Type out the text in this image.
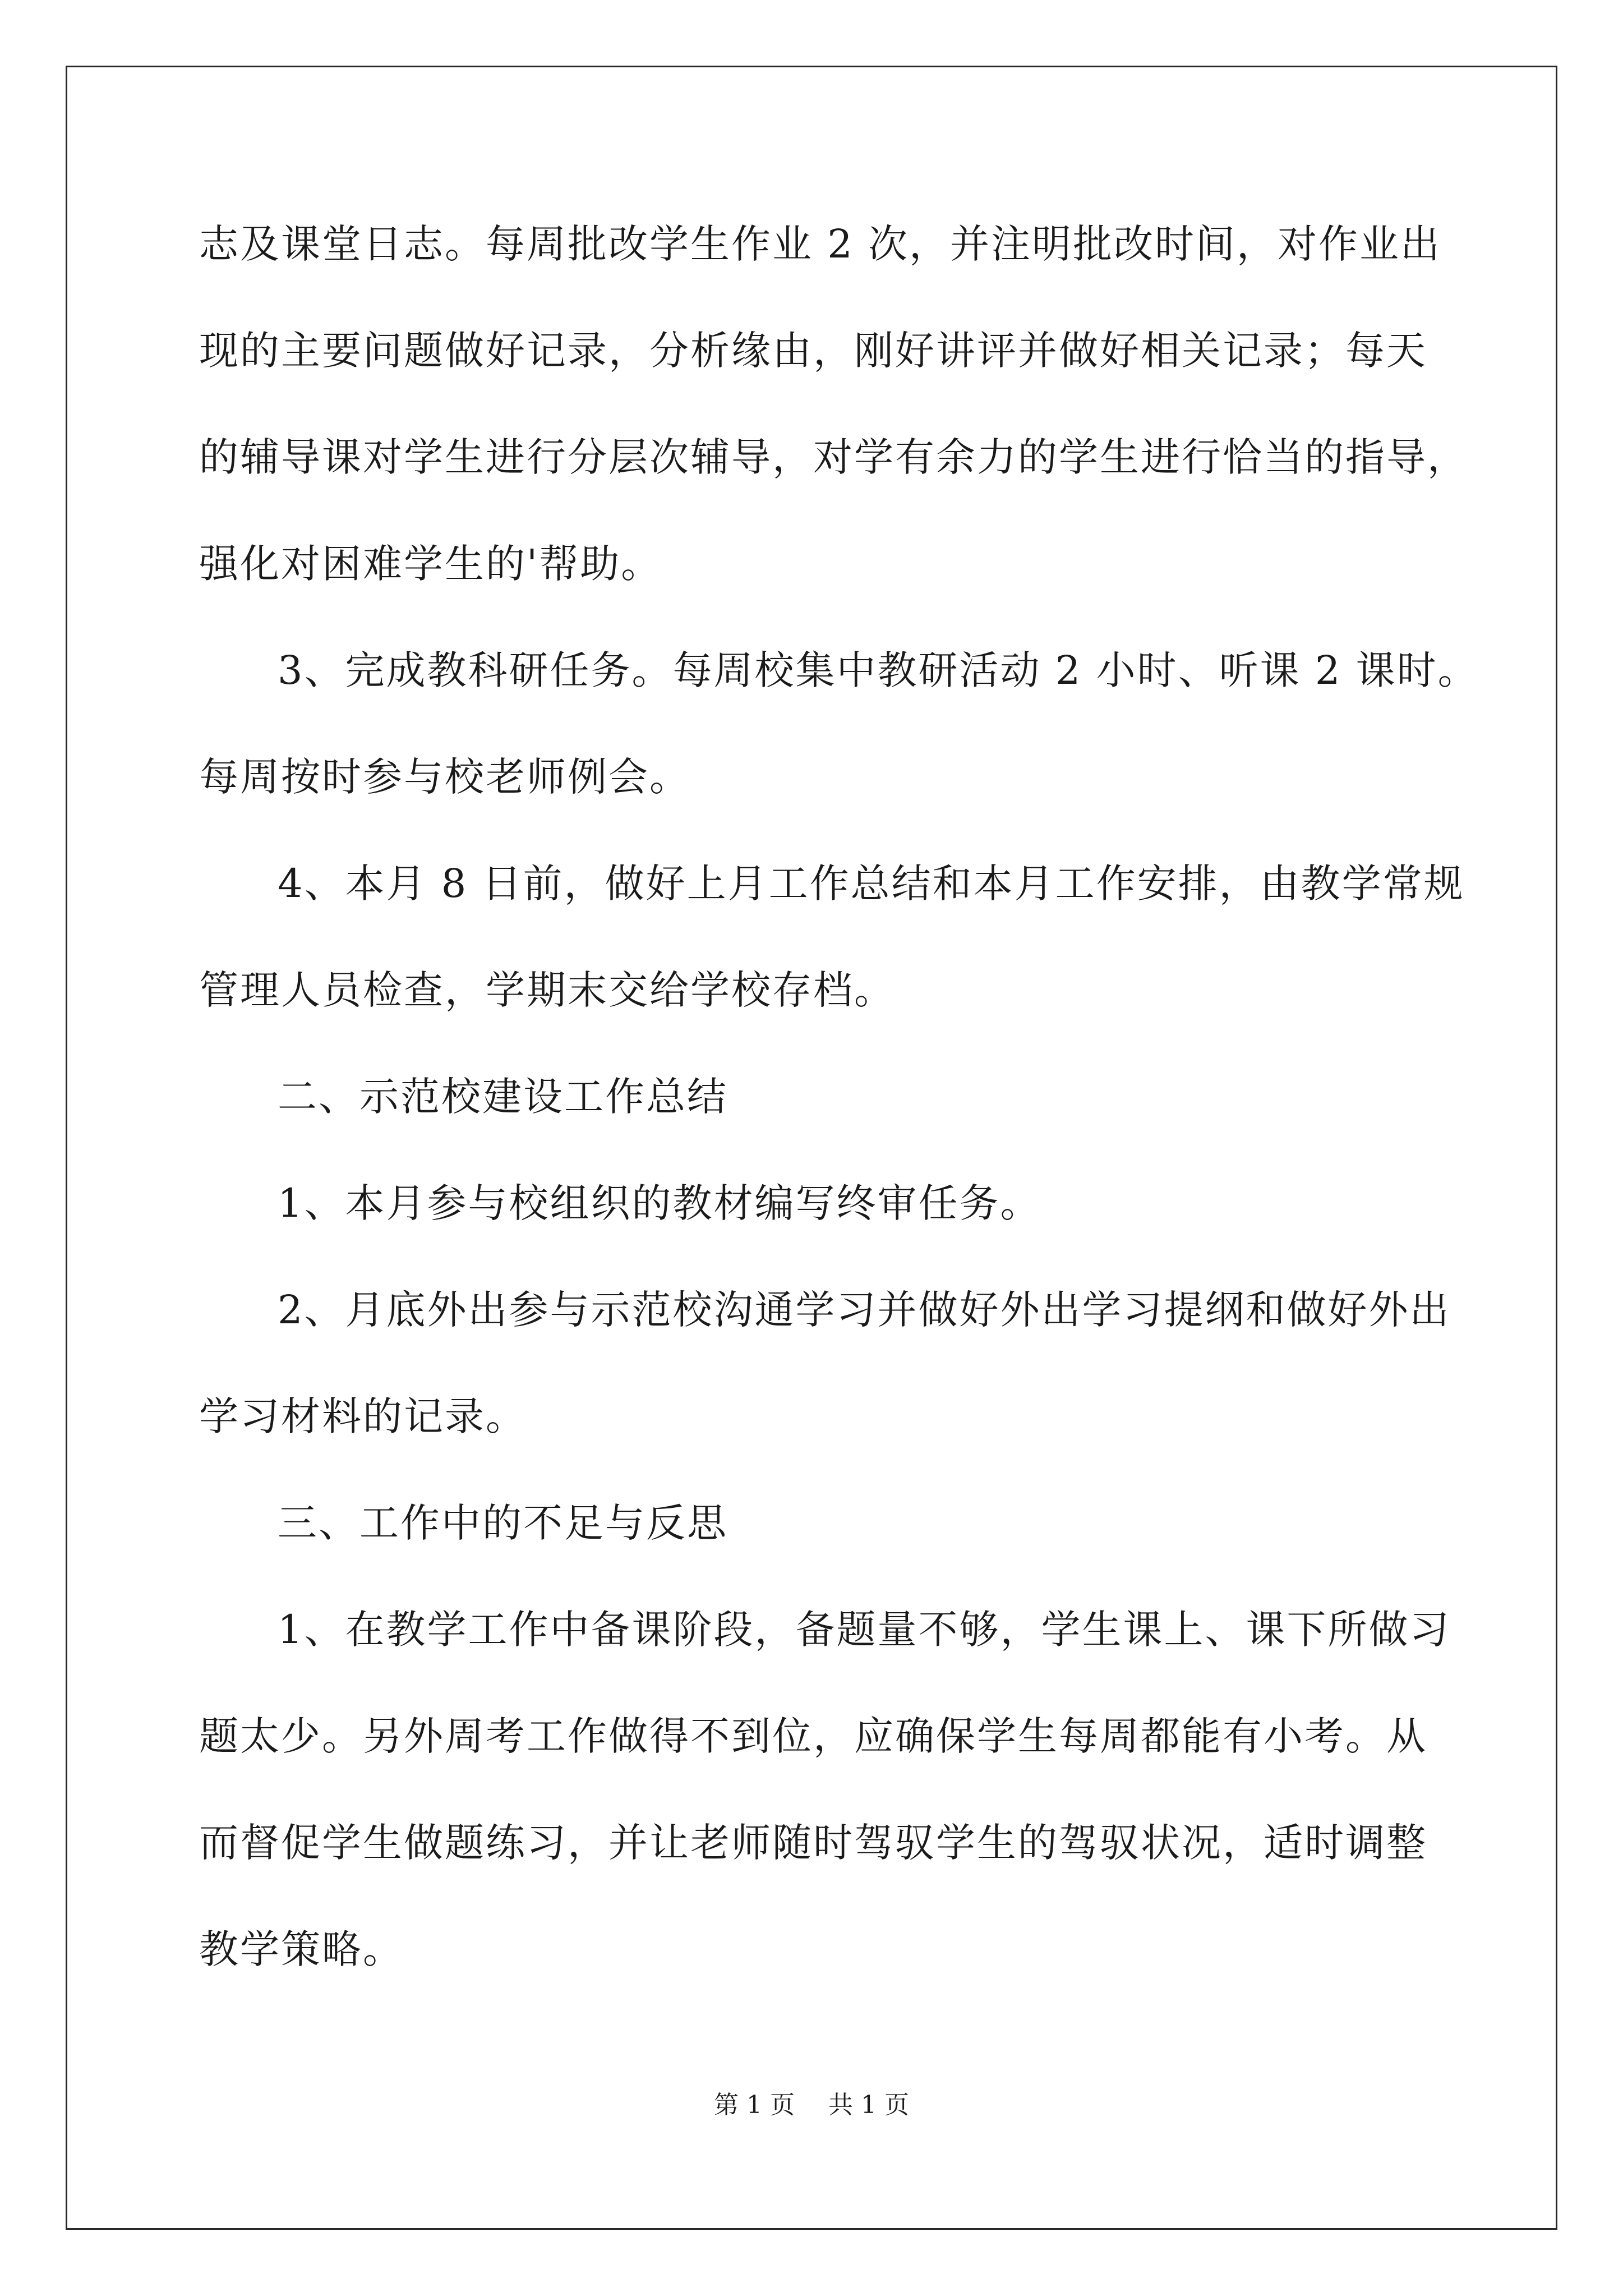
志及课堂日志。每周批改学生作业 2 次，并注明批改时间，对作业出
现的主要问题做好记录，分析缘由，刚好讲评并做好相关记录；每天
的辅导课对学生进行分层次辅导，对学有余力的学生进行恰当的指导，
强化对困难学生的'帮助。
3、完成教科研任务。每周校集中教研活动 2 小时、听课 2 课时。
每周按时参与校老师例会。
4、本月 8 日前，做好上月工作总结和本月工作安排，由教学常规
管理人员检查，学期末交给学校存档。
二、示范校建设工作总结
1、本月参与校组织的教材编写终审任务。
2、月底外出参与示范校沟通学习并做好外出学习提纲和做好外出
学习材料的记录。
三、工作中的不足与反思
1、在教学工作中备课阶段，备题量不够，学生课上、课下所做习
题太少。另外周考工作做得不到位，应确保学生每周都能有小考。从
而督促学生做题练习，并让老师随时驾驭学生的驾驭状况，适时调整
教学策略。
第 1 页 共 1 页
